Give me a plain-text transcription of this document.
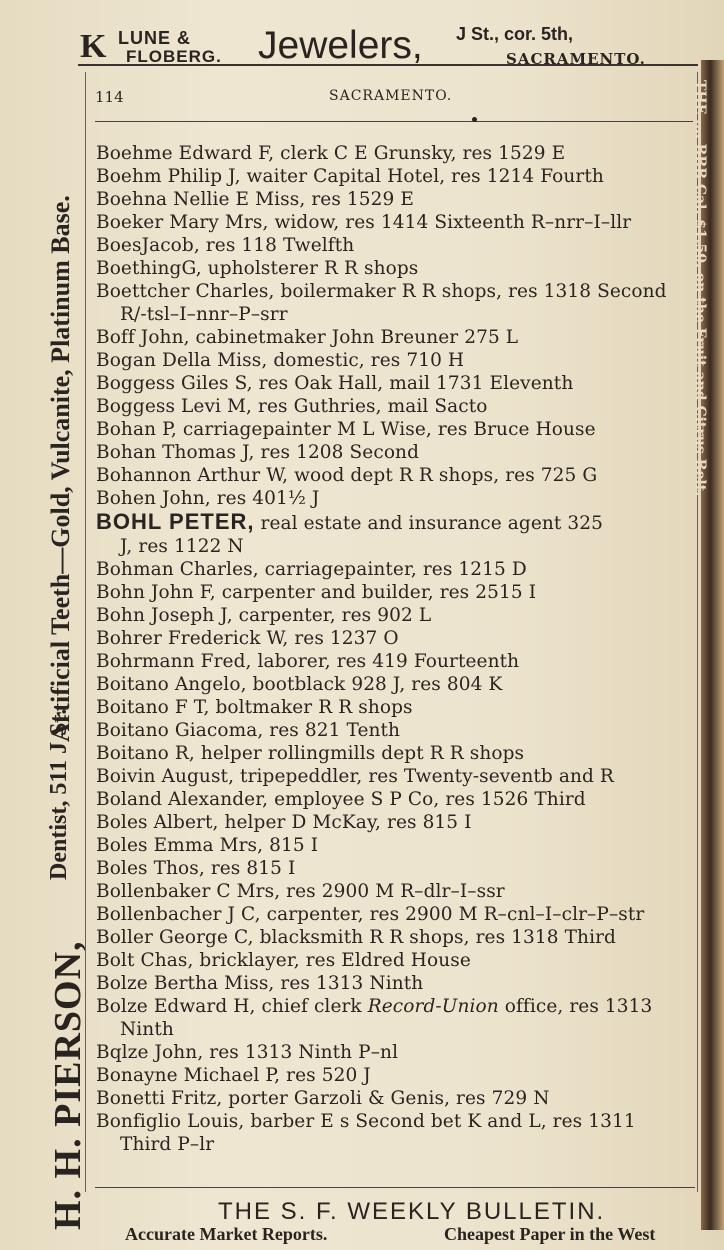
K LUNE &
FLOBERG. Jewelers, J St., cor. 5th,
SACRAMENTO.
H. H. PIERSON,
Dentist, 511 J St.
Artificial Teeth—Gold, Vulcanite, Platinum Base.
114	SACRAMENTO.
Boehme Edward F, clerk C E Grunsky, res 1529 E
Boehm Philip J, waiter Capital Hotel, res 1214 Fourth
Boehna Nellie E Miss, res 1529 E
Boeker Mary Mrs, widow, res 1414 Sixteenth R–nrr–I–llr
BoesJacob, res 118 Twelfth
BoethingG, upholsterer R R shops
Boettcher Charles, boilermaker R R shops, res 1318 Second
R/-tsl–I–nnr–P–srr
Boff John, cabinetmaker John Breuner 275 L
Bogan Della Miss, domestic, res 710 H
Boggess Giles S, res Oak Hall, mail 1731 Eleventh
Boggess Levi M, res Guthries, mail Sacto
Bohan P, carriagepainter M L Wise, res Bruce House
Bohan Thomas J, res 1208 Second
Bohannon Arthur W, wood dept R R shops, res 725 G
Bohen John, res 401½ J
BOHL PETER, real estate and insurance agent 325
J, res 1122 N
Bohman Charles, carriagepainter, res 1215 D
Bohn John F, carpenter and builder, res 2515 I
Bohn Joseph J, carpenter, res 902 L
Bohrer Frederick W, res 1237 O
Bohrmann Fred, laborer, res 419 Fourteenth
Boitano Angelo, bootblack 928 J, res 804 K
Boitano F T, boltmaker R R shops
Boitano Giacoma, res 821 Tenth
Boitano R, helper rollingmills dept R R shops
Boivin August, tripepeddler, res Twenty-seventb and R
Boland Alexander, employee S P Co, res 1526 Third
Boles Albert, helper D McKay, res 815 I
Boles Emma Mrs, 815 I
Boles Thos, res 815 I
Bollenbaker C Mrs, res 2900 M R–dlr–I–ssr
Bollenbacher J C, carpenter, res 2900 M R–cnl–I–clr–P–str
Boller George C, blacksmith R R shops, res 1318 Third
Bolt Chas, bricklayer, res Eldred House
Bolze Bertha Miss, res 1313 Ninth
Bolze Edward H, chief clerk Record-Union office, res 1313
Ninth
Bqlze John, res 1313 Ninth P–nl
Bonayne Michael P, res 520 J
Bonetti Fritz, porter Garzoli & Genis, res 729 N
Bonfiglio Louis, barber E s Second bet K and L, res 1311
Third P–lr
THE S. F. WEEKLY BULLETIN.
Accurate Market Reports.	Cheapest Paper in the West
THE .... BBB Cal. $1.50. on the Fruit and Citrus Belt.
